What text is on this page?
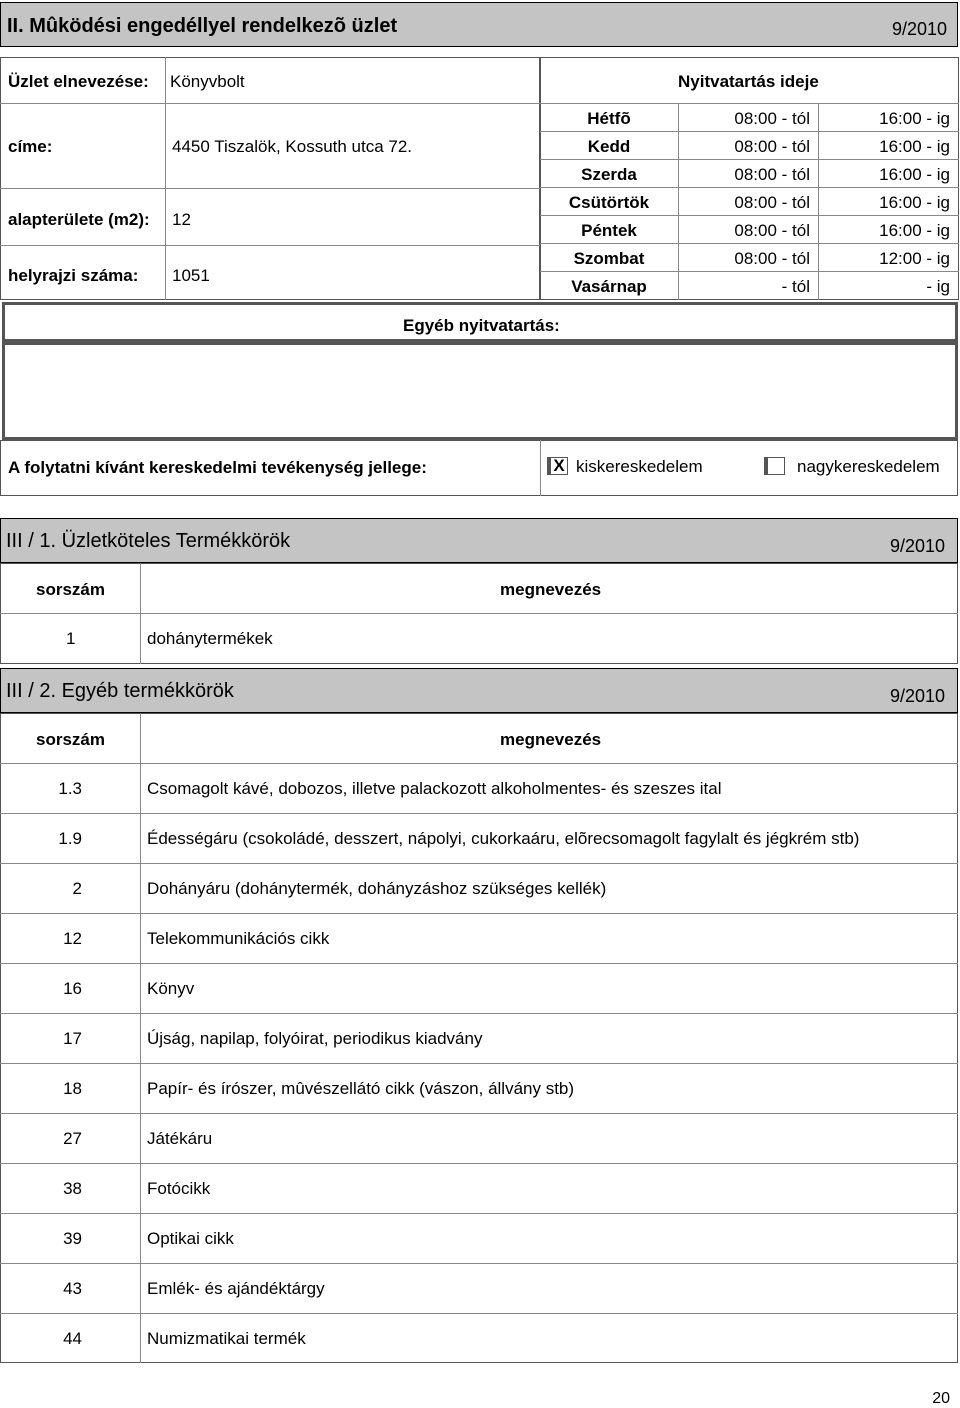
II. Mûködési engedéllyel rendelkezõ üzlet	9/2010
Üzlet elnevezése: Könyvbolt
címe:	4450 Tiszalök, Kossuth utca 72.
alapterülete (m2): 12
helyrajzi száma: 1051
Nyitvatartás ideje
Hétfõ	08:00 - tól	16:00 - ig
Kedd	08:00 - tól	16:00 - ig
Szerda	08:00 - tól	16:00 - ig
Csütörtök	08:00 - tól	16:00 - ig
Péntek	08:00 - tól	16:00 - ig
Szombat	08:00 - tól	12:00 - ig
Vasárnap	- tól	- ig
Egyéb nyitvatartás:
A folytatni kívánt kereskedelmi tevékenység jellege:	X kiskereskedelem	nagykereskedelem
III / 1. Üzletköteles Termékkörök	9/2010
sorszám	megnevezés
1	dohánytermékek
III / 2. Egyéb termékkörök	9/2010
sorszám	megnevezés
1.3	Csomagolt kávé, dobozos, illetve palackozott alkoholmentes- és szeszes ital
1.9	Édességáru (csokoládé, desszert, nápolyi, cukorkaáru, elõrecsomagolt fagylalt és jégkrém stb)
2	Dohányáru (dohánytermék, dohányzáshoz szükséges kellék)
12	Telekommunikációs cikk
16	Könyv
17	Újság, napilap, folyóirat, periodikus kiadvány
18	Papír- és írószer, mûvészellátó cikk (vászon, állvány stb)
27	Játékáru
38	Fotócikk
39	Optikai cikk
43	Emlék- és ajándéktárgy
44	Numizmatikai termék
20
